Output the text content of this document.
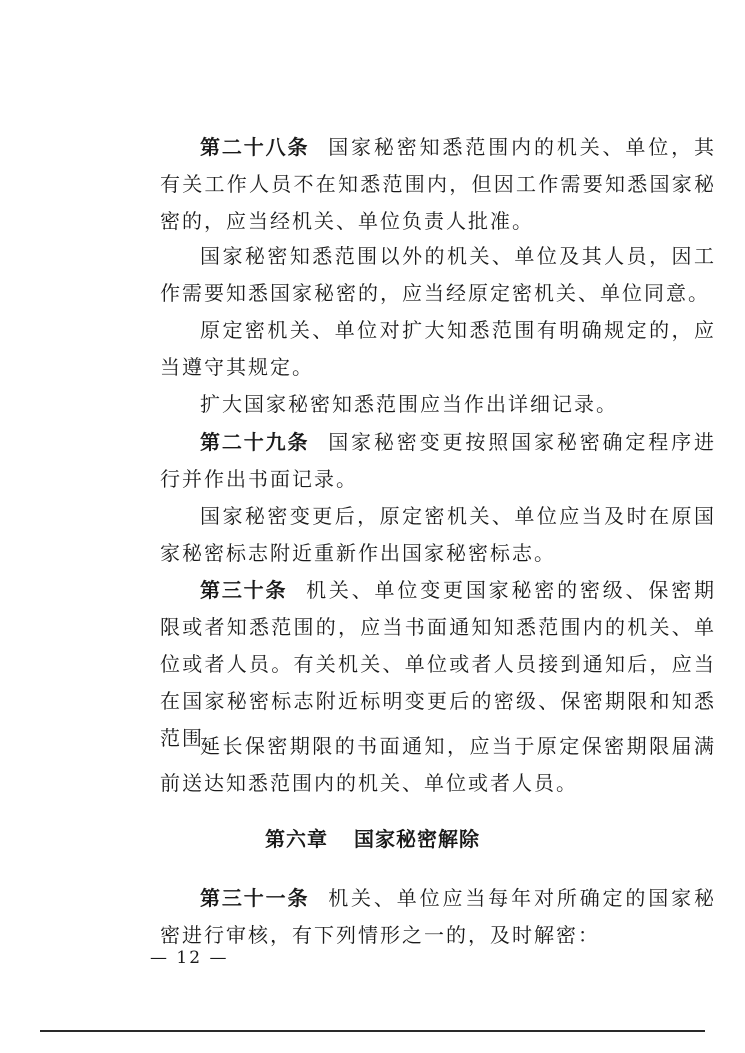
第二十八条 国家秘密知悉范围内的机关、单位，其有关工作人员不在知悉范围内，但因工作需要知悉国家秘密的，应当经机关、单位负责人批准。

国家秘密知悉范围以外的机关、单位及其人员，因工作需要知悉国家秘密的，应当经原定密机关、单位同意。

原定密机关、单位对扩大知悉范围有明确规定的，应当遵守其规定。

扩大国家秘密知悉范围应当作出详细记录。

第二十九条 国家秘密变更按照国家秘密确定程序进行并作出书面记录。

国家秘密变更后，原定密机关、单位应当及时在原国家秘密标志附近重新作出国家秘密标志。

第三十条 机关、单位变更国家秘密的密级、保密期限或者知悉范围的，应当书面通知知悉范围内的机关、单位或者人员。有关机关、单位或者人员接到通知后，应当在国家秘密标志附近标明变更后的密级、保密期限和知悉范围。

延长保密期限的书面通知，应当于原定保密期限届满前送达知悉范围内的机关、单位或者人员。

第六章 国家秘密解除

第三十一条 机关、单位应当每年对所确定的国家秘密进行审核，有下列情形之一的，及时解密：

— 12 —
